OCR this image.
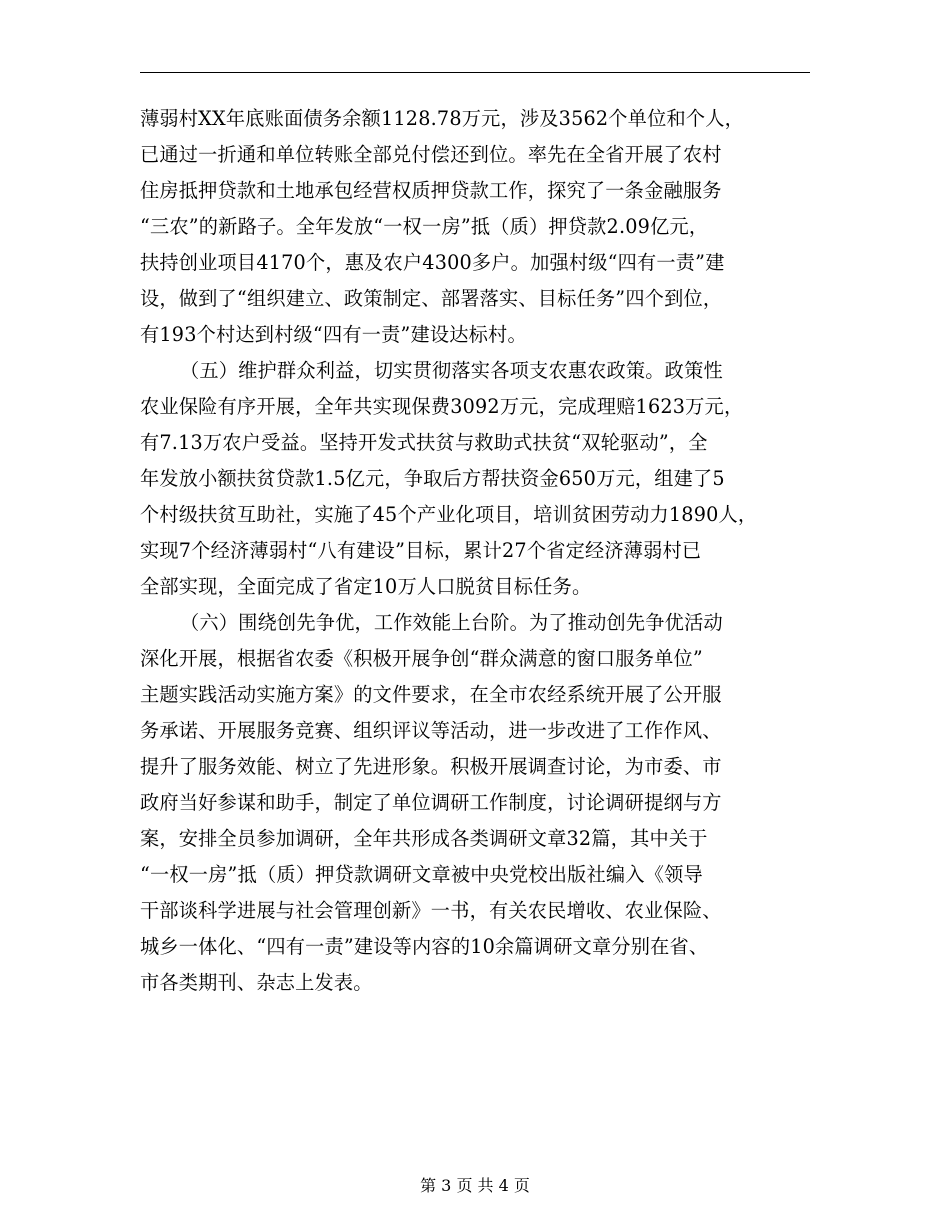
薄弱村XX年底账面债务余额1128.78万元，涉及3562个单位和个人，
已通过一折通和单位转账全部兑付偿还到位。率先在全省开展了农村
住房抵押贷款和土地承包经营权质押贷款工作，探究了一条金融服务
“三农”的新路子。全年发放“一权一房”抵（质）押贷款2.09亿元，
扶持创业项目4170个，惠及农户4300多户。加强村级“四有一责”建
设，做到了“组织建立、政策制定、部署落实、目标任务”四个到位，
有193个村达到村级“四有一责”建设达标村。
（五）维护群众利益，切实贯彻落实各项支农惠农政策。政策性
农业保险有序开展，全年共实现保费3092万元，完成理赔1623万元，
有7.13万农户受益。坚持开发式扶贫与救助式扶贫“双轮驱动”，全
年发放小额扶贫贷款1.5亿元，争取后方帮扶资金650万元，组建了5
个村级扶贫互助社，实施了45个产业化项目，培训贫困劳动力1890人，
实现7个经济薄弱村“八有建设”目标，累计27个省定经济薄弱村已
全部实现，全面完成了省定10万人口脱贫目标任务。
（六）围绕创先争优，工作效能上台阶。为了推动创先争优活动
深化开展，根据省农委《积极开展争创“群众满意的窗口服务单位”
主题实践活动实施方案》的文件要求，在全市农经系统开展了公开服
务承诺、开展服务竞赛、组织评议等活动，进一步改进了工作作风、
提升了服务效能、树立了先进形象。积极开展调查讨论，为市委、市
政府当好参谋和助手，制定了单位调研工作制度，讨论调研提纲与方
案，安排全员参加调研，全年共形成各类调研文章32篇，其中关于
“一权一房”抵（质）押贷款调研文章被中央党校出版社编入《领导
干部谈科学进展与社会管理创新》一书，有关农民增收、农业保险、
城乡一体化、“四有一责”建设等内容的10余篇调研文章分别在省、
市各类期刊、杂志上发表。
第 3 页 共 4 页
